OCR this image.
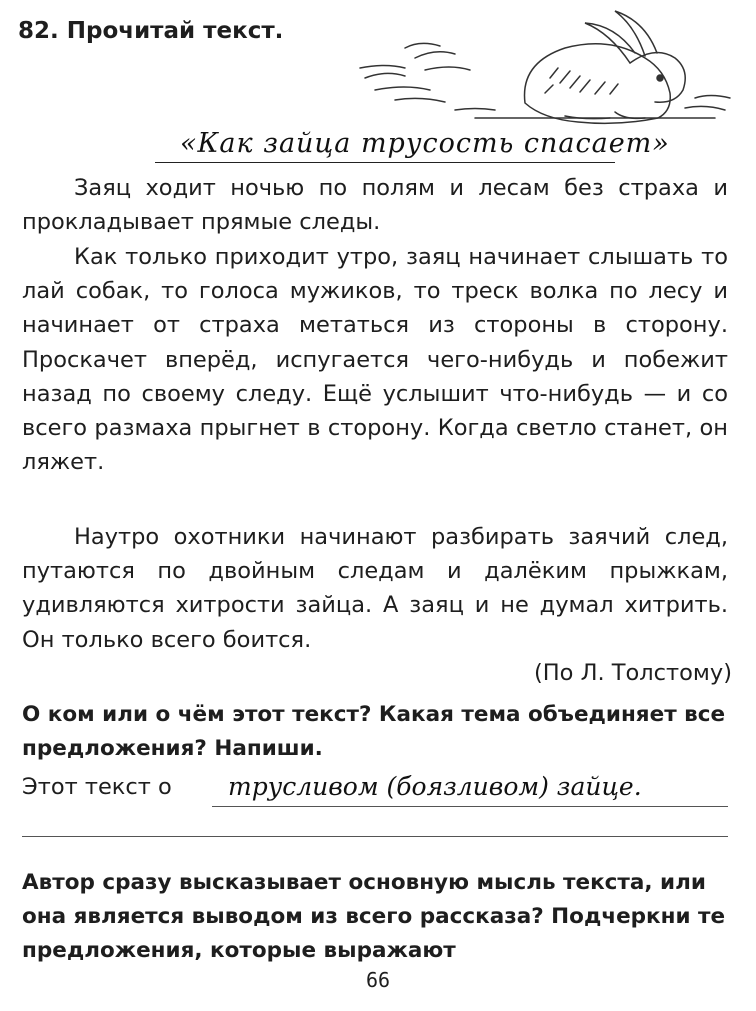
82. Прочитай текст.
«Как зайца трусость спасает»

Заяц ходит ночью по полям и лесам без страха и прокладывает прямые следы.

Как только приходит утро, заяц начинает слышать то лай собак, то голоса мужиков, то треск волка по лесу и начинает от страха метаться из стороны в сторону. Проскачет вперёд, испугается чего-нибудь и побежит назад по своему следу. Ещё услышит что-нибудь — и со всего размаха прыгнет в сторону. Когда светло станет, он ляжет.

Наутро охотники начинают разбирать заячий след, путаются по двойным следам и далёким прыжкам, удивляются хитрости зайца. А заяц и не думал хитрить. Он только всего боится.

(По Л. Толстому)

О ком или о чём этот текст? Какая тема объединяет все предложения? Напиши.

Этот текст о трусливом (боязливом) зайце.

Автор сразу высказывает основную мысль текста, или она является выводом из всего рассказа? Подчеркни те предложения, которые выражают

66
